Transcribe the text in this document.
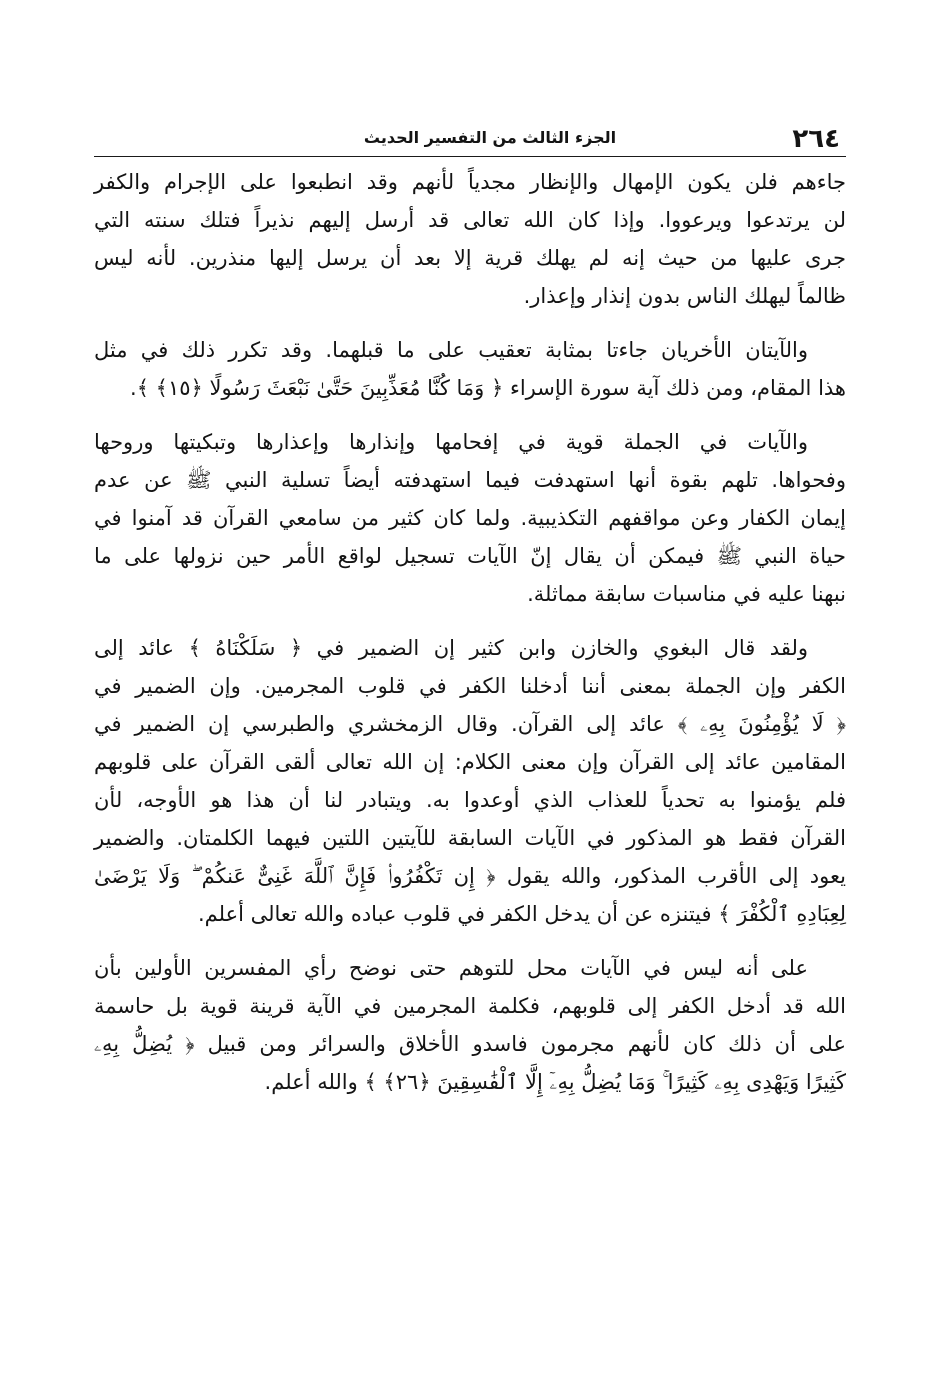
٢٦٤
الجزء الثالث من التفسير الحديث
جاءهم فلن يكون الإمهال والإنظار مجدياً لأنهم وقد انطبعوا على الإجرام والكفر
لن يرتدعوا ويرعووا. وإذا كان الله تعالى قد أرسل إليهم نذيراً فتلك سنته التي
جرى عليها من حيث إنه لم يهلك قرية إلا بعد أن يرسل إليها منذرين. لأنه ليس
ظالماً ليهلك الناس بدون إنذار وإعذار.
والآيتان الأخريان جاءتا بمثابة تعقيب على ما قبلهما. وقد تكرر ذلك في مثل
هذا المقام، ومن ذلك آية سورة الإسراء ﴿ وَمَا كُنَّا مُعَذِّبِينَ حَتَّىٰ نَبْعَثَ رَسُولًا ﴿١٥﴾ ﴾.
والآيات في الجملة قوية في إفحامها وإنذارها وإعذارها وتبكيتها وروحها
وفحواها. تلهم بقوة أنها استهدفت فيما استهدفته أيضاً تسلية النبي ﷺ عن عدم
إيمان الكفار وعن مواقفهم التكذيبية. ولما كان كثير من سامعي القرآن قد آمنوا في
حياة النبي ﷺ فيمكن أن يقال إنّ الآيات تسجيل لواقع الأمر حين نزولها على ما
نبهنا عليه في مناسبات سابقة مماثلة.
ولقد قال البغوي والخازن وابن كثير إن الضمير في ﴿ سَلَكْنَاهُ ﴾ عائد إلى
الكفر وإن الجملة بمعنى أننا أدخلنا الكفر في قلوب المجرمين. وإن الضمير في
﴿ لَا يُؤْمِنُونَ بِهِۦ ﴾ عائد إلى القرآن. وقال الزمخشري والطبرسي إن الضمير في
المقامين عائد إلى القرآن وإن معنى الكلام: إن الله تعالى ألقى القرآن على قلوبهم
فلم يؤمنوا به تحدياً للعذاب الذي أوعدوا به. ويتبادر لنا أن هذا هو الأوجه، لأن
القرآن فقط هو المذكور في الآيات السابقة للآيتين اللتين فيهما الكلمتان. والضمير
يعود إلى الأقرب المذكور، والله يقول ﴿ إِن تَكْفُرُوا۟ فَإِنَّ ٱللَّهَ غَنِىٌّ عَنكُمْ ۖ وَلَا يَرْضَىٰ
لِعِبَادِهِ ٱلْكُفْرَ ﴾ فيتنزه عن أن يدخل الكفر في قلوب عباده والله تعالى أعلم.
على أنه ليس في الآيات محل للتوهم حتى نوضح رأي المفسرين الأولين بأن
الله قد أدخل الكفر إلى قلوبهم، فكلمة المجرمين في الآية قرينة قوية بل حاسمة
على أن ذلك كان لأنهم مجرمون فاسدو الأخلاق والسرائر ومن قبيل ﴿ يُضِلُّ بِهِۦ
كَثِيرًا وَيَهْدِى بِهِۦ كَثِيرًا ۚ وَمَا يُضِلُّ بِهِۦٓ إِلَّا ٱلْفَٰسِقِينَ ﴿٢٦﴾ ﴾ والله أعلم.
